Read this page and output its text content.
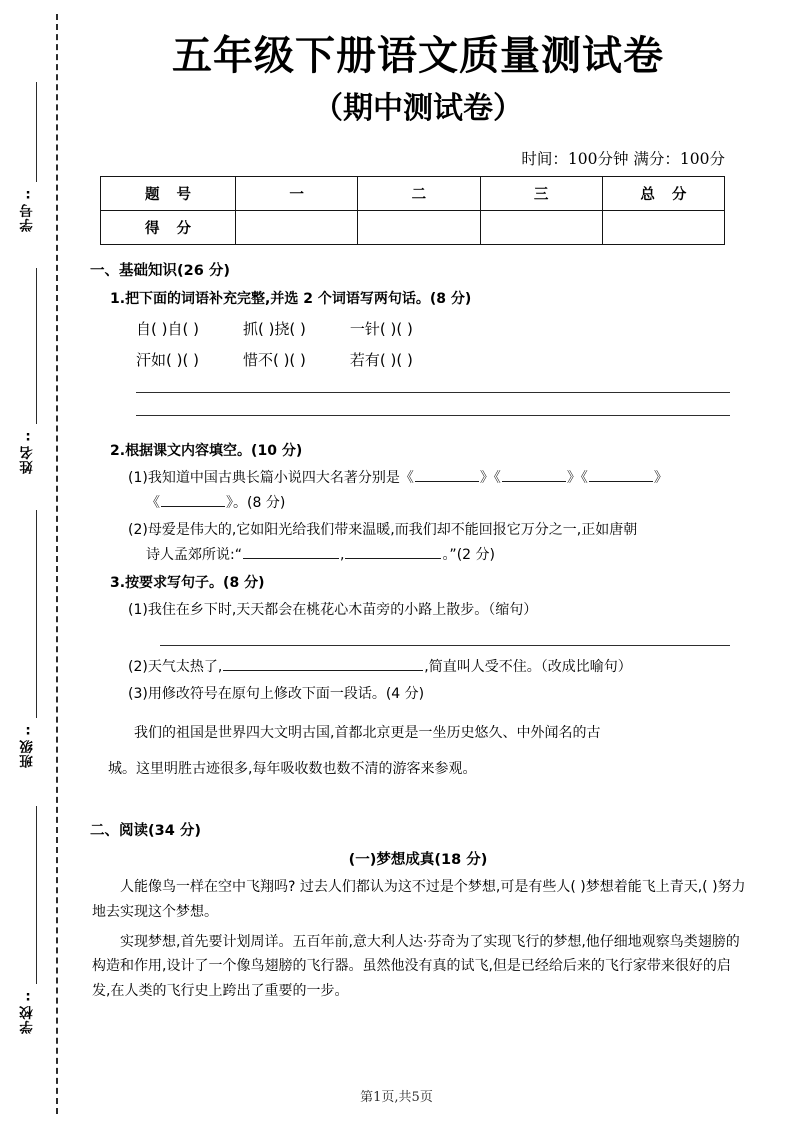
学号:
姓名:
班级:
学校:
五年级下册语文质量测试卷
（期中测试卷）
时间：100分钟 满分：100分
题 号	一	二	三	总 分
得 分				
一、基础知识(26 分)
1.把下面的词语补充完整,并选 2 个词语写两句话。(8 分)
自( )自( )	抓( )挠( )	一针( )( )
汗如( )( )	惜不( )( )	若有( )( )
2.根据课文内容填空。(10 分)
(1)我知道中国古典长篇小说四大名著分别是《	》《	》《	》
《	》。(8 分)
(2)母爱是伟大的,它如阳光给我们带来温暖,而我们却不能回报它万分之一,正如唐朝
诗人孟郊所说:“	,	。”(2 分)
3.按要求写句子。(8 分)
(1)我住在乡下时,天天都会在桃花心木苗旁的小路上散步。（缩句）
(2)天气太热了,	,简直叫人受不住。（改成比喻句）
(3)用修改符号在原句上修改下面一段话。(4 分)
我们的祖国是世界四大文明古国,首都北京更是一坐历史悠久、中外闻名的古
城。这里明胜古迹很多,每年吸收数也数不清的游客来参观。
二、阅读(34 分)
(一)梦想成真(18 分)
人能像鸟一样在空中飞翔吗? 过去人们都认为这不过是个梦想,可是有些人( )梦想着能飞上青天,( )努力地去实现这个梦想。
实现梦想,首先要计划周详。五百年前,意大利人达·芬奇为了实现飞行的梦想,他仔细地观察鸟类翅膀的构造和作用,设计了一个像鸟翅膀的飞行器。虽然他没有真的试飞,但是已经给后来的飞行家带来很好的启发,在人类的飞行史上跨出了重要的一步。
第1页,共5页
